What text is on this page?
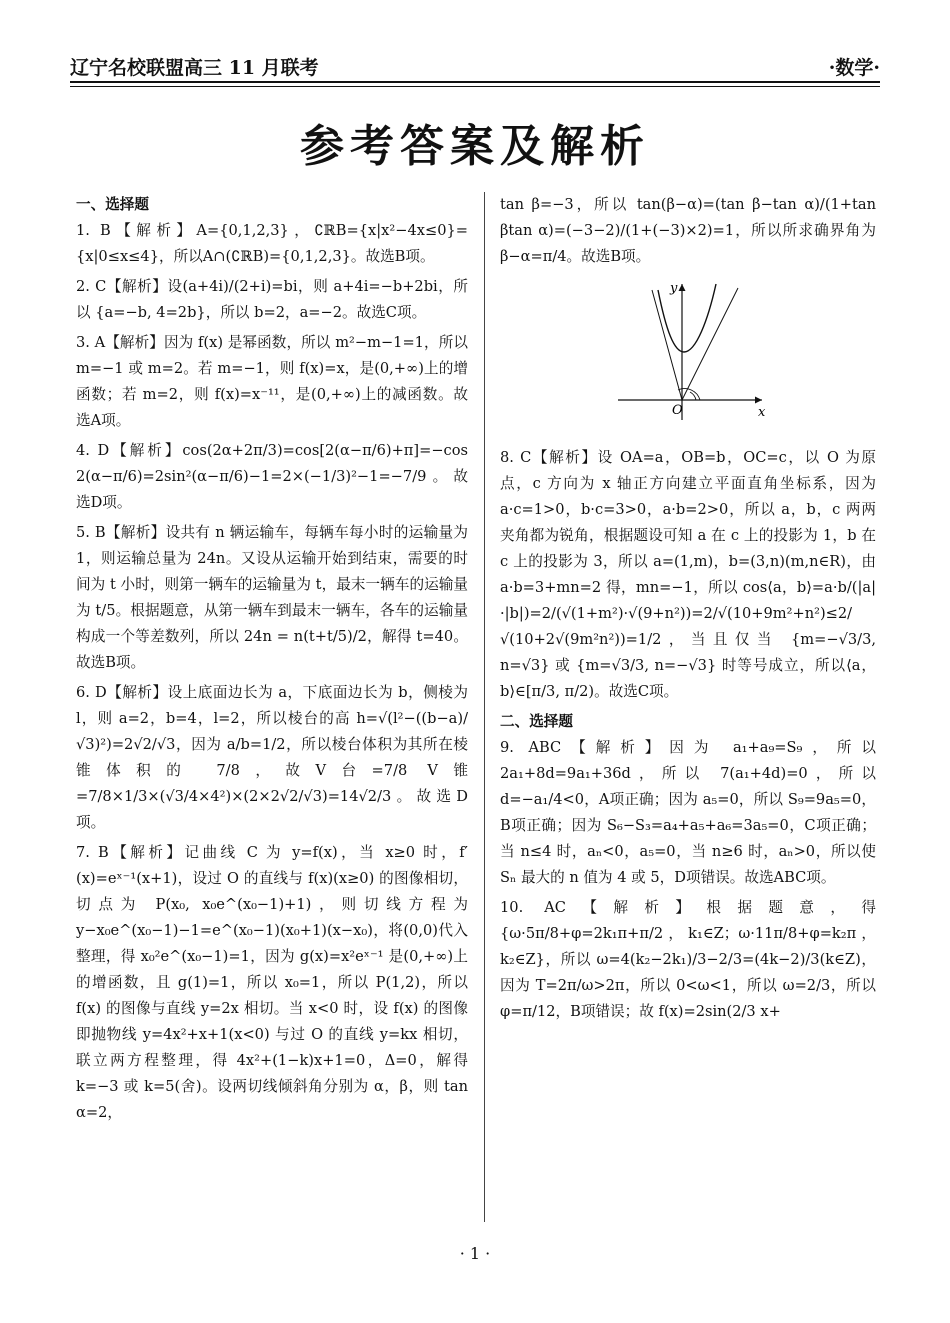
辽宁名校联盟高三 11 月联考	·数学·
参考答案及解析
一、选择题
1. B【解析】A={0,1,2,3}，∁ℝB={x|x²−4x≤0}={x|0≤x≤4}，所以A∩(∁ℝB)={0,1,2,3}。故选B项。
2. C【解析】设(a+4i)/(2+i)=bi，则 a+4i=−b+2bi，所以 {a=−b, 4=2b}，所以 b=2，a=−2。故选C项。
3. A【解析】因为 f(x) 是幂函数，所以 m²−m−1=1，所以 m=−1 或 m=2。若 m=−1，则 f(x)=x，是(0,+∞)上的增函数；若 m=2，则 f(x)=x⁻¹¹，是(0,+∞)上的减函数。故选A项。
4. D【解析】cos(2α+2π/3)=cos[2(α−π/6)+π]=−cos 2(α−π/6)=2sin²(α−π/6)−1=2×(−1/3)²−1=−7/9。故选D项。
5. B【解析】设共有 n 辆运输车，每辆车每小时的运输量为1，则运输总量为 24n。又设从运输开始到结束，需要的时间为 t 小时，则第一辆车的运输量为 t，最末一辆车的运输量为 t/5。根据题意，从第一辆车到最末一辆车，各车的运输量构成一个等差数列，所以 24n = n(t+t/5)/2，解得 t=40。故选B项。
6. D【解析】设上底面边长为 a，下底面边长为 b，侧棱为 l，则 a=2，b=4，l=2，所以棱台的高 h=√(l²−((b−a)/√3)²)=2√2/√3，因为 a/b=1/2，所以棱台体积为其所在棱锥体积的 7/8，故V台=7/8 V锥=7/8×1/3×(√3/4×4²)×(2×2√2/√3)=14√2/3。故选D项。
7. B【解析】记曲线 C 为 y=f(x)，当 x≥0 时，f′(x)=eˣ⁻¹(x+1)，设过 O 的直线与 f(x)(x≥0) 的图像相切，切点为 P(x₀, x₀e^(x₀−1)+1)，则切线方程为 y−x₀e^(x₀−1)−1=e^(x₀−1)(x₀+1)(x−x₀)，将(0,0)代入整理，得 x₀²e^(x₀−1)=1，因为 g(x)=x²eˣ⁻¹ 是(0,+∞)上的增函数，且 g(1)=1，所以 x₀=1，所以 P(1,2)，所以 f(x) 的图像与直线 y=2x 相切。当 x<0 时，设 f(x) 的图像即抛物线 y=4x²+x+1(x<0) 与过 O 的直线 y=kx 相切，联立两方程整理，得 4x²+(1−k)x+1=0，Δ=0，解得 k=−3 或 k=5(舍)。设两切线倾斜角分别为 α，β，则 tan α=2，
tan β=−3，所以 tan(β−α)=(tan β−tan α)/(1+tan βtan α)=(−3−2)/(1+(−3)×2)=1，所以所求确界角为 β−α=π/4。故选B项。
O	x
y
8. C【解析】设 OA=a，OB=b，OC=c，以 O 为原点，c 方向为 x 轴正方向建立平面直角坐标系，因为 a·c=1>0，b·c=3>0，a·b=2>0，所以 a，b，c 两两夹角都为锐角，根据题设可知 a 在 c 上的投影为 1，b 在 c 上的投影为 3，所以 a=(1,m)，b=(3,n)(m,n∈R)，由 a·b=3+mn=2 得，mn=−1，所以 cos⟨a，b⟩=a·b/(|a|·|b|)=2/(√(1+m²)·√(9+n²))=2/√(10+9m²+n²)≤2/√(10+2√(9m²n²))=1/2，当且仅当 {m=−√3/3, n=√3} 或 {m=√3/3, n=−√3} 时等号成立，所以⟨a，b⟩∈[π/3, π/2)。故选C项。
二、选择题
9. ABC【解析】因为 a₁+a₉=S₉，所以 2a₁+8d=9a₁+36d，所以 7(a₁+4d)=0，所以 d=−a₁/4<0，A项正确；因为 a₅=0，所以 S₉=9a₅=0，B项正确；因为 S₆−S₃=a₄+a₅+a₆=3a₅=0，C项正确；当 n≤4 时，aₙ<0，a₅=0，当 n≥6 时，aₙ>0，所以使 Sₙ 最大的 n 值为 4 或 5，D项错误。故选ABC项。
10. AC【解析】根据题意，得 {ω·5π/8+φ=2k₁π+π/2，k₁∈Z；ω·11π/8+φ=k₂π，k₂∈Z}，所以 ω=4(k₂−2k₁)/3−2/3=(4k−2)/3(k∈Z)，因为 T=2π/ω>2π，所以 0<ω<1，所以 ω=2/3，所以 φ=π/12，B项错误；故 f(x)=2sin(2/3 x+
· 1 ·
